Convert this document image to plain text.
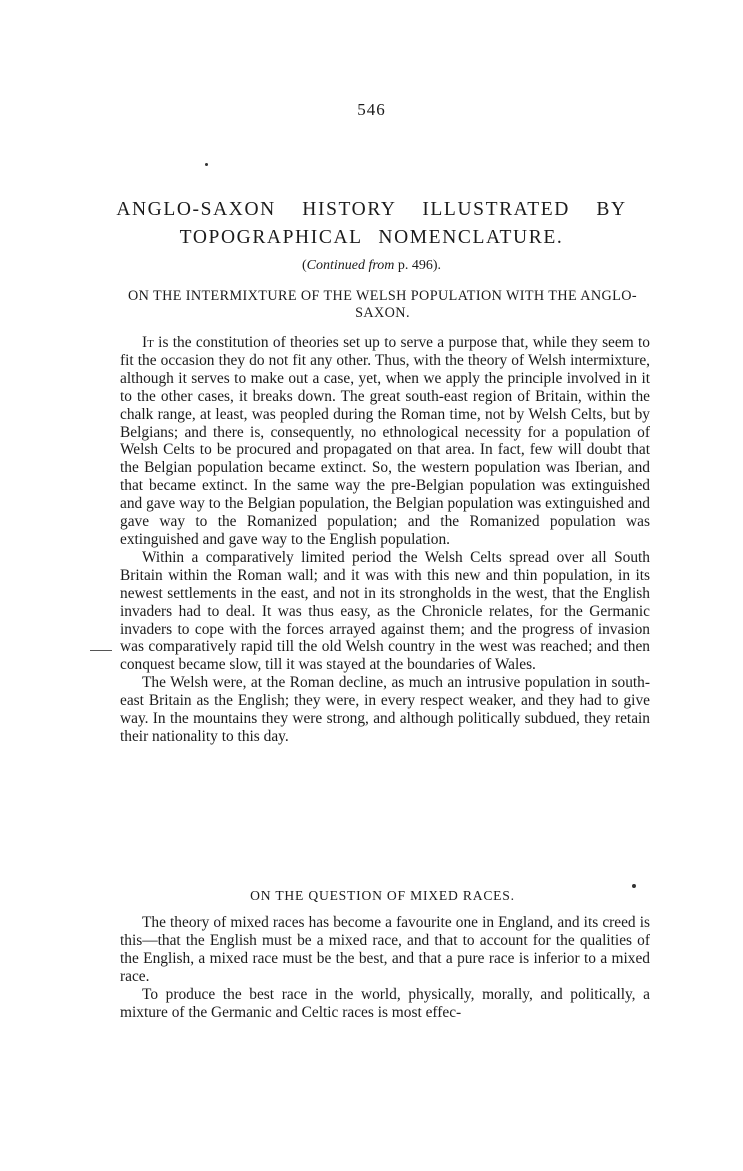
546
ANGLO-SAXON HISTORY ILLUSTRATED BY
TOPOGRAPHICAL NOMENCLATURE.
(Continued from p. 496).
ON THE INTERMIXTURE OF THE WELSH POPULATION WITH THE ANGLO-SAXON.

It is the constitution of theories set up to serve a purpose that, while they seem to fit the occasion they do not fit any other. Thus, with the theory of Welsh intermixture, although it serves to make out a case, yet, when we apply the principle involved in it to the other cases, it breaks down. The great south-east region of Britain, within the chalk range, at least, was peopled during the Roman time, not by Welsh Celts, but by Belgians; and there is, consequently, no ethnological necessity for a population of Welsh Celts to be procured and propagated on that area. In fact, few will doubt that the Belgian population became extinct. So, the western population was Iberian, and that became extinct. In the same way the pre-Belgian population was extinguished and gave way to the Belgian population, the Belgian population was extinguished and gave way to the Romanized population; and the Romanized population was extinguished and gave way to the English population.

Within a comparatively limited period the Welsh Celts spread over all South Britain within the Roman wall; and it was with this new and thin population, in its newest settlements in the east, and not in its strongholds in the west, that the English invaders had to deal. It was thus easy, as the Chronicle relates, for the Germanic invaders to cope with the forces arrayed against them; and the progress of invasion was comparatively rapid till the old Welsh country in the west was reached; and then conquest became slow, till it was stayed at the boundaries of Wales.

The Welsh were, at the Roman decline, as much an intrusive population in south-east Britain as the English; they were, in every respect weaker, and they had to give way. In the mountains they were strong, and although politically subdued, they retain their nationality to this day.

ON THE QUESTION OF MIXED RACES.

The theory of mixed races has become a favourite one in England, and its creed is this—that the English must be a mixed race, and that to account for the qualities of the English, a mixed race must be the best, and that a pure race is inferior to a mixed race.

To produce the best race in the world, physically, morally, and politically, a mixture of the Germanic and Celtic races is most effec-
